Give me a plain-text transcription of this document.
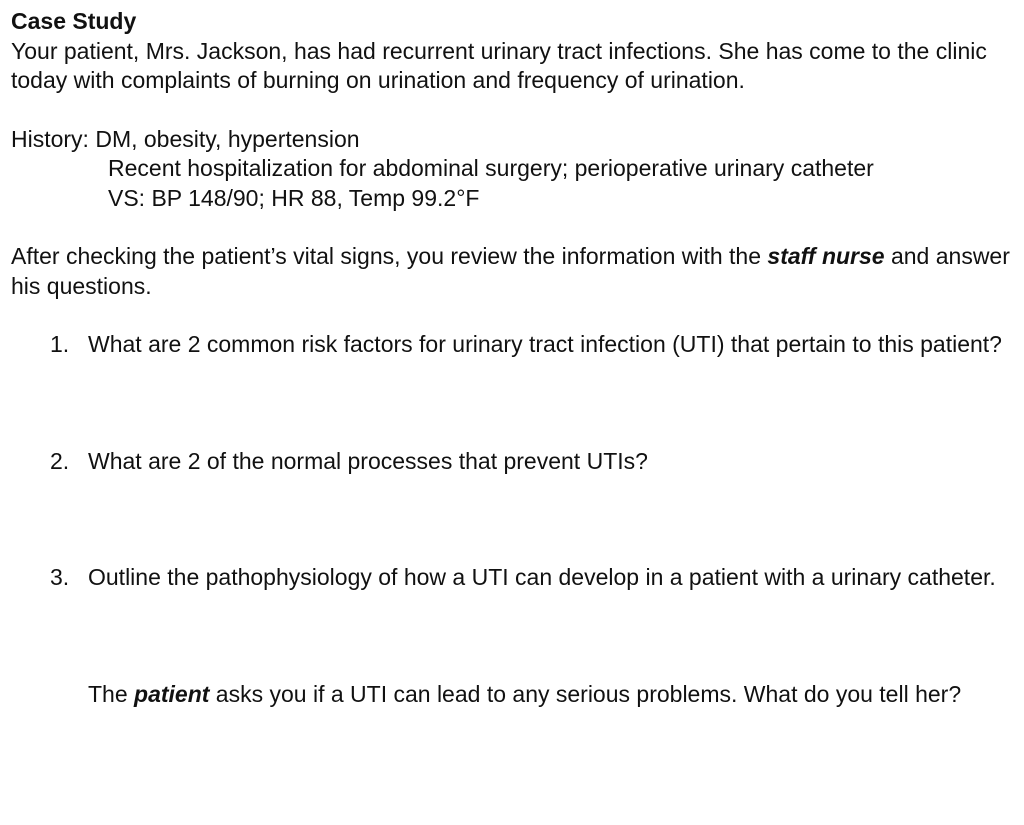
Case Study

Your patient, Mrs. Jackson, has had recurrent urinary tract infections. She has come to the clinic today with complaints of burning on urination and frequency of urination.

History: DM, obesity, hypertension

Recent hospitalization for abdominal surgery; perioperative urinary catheter

VS: BP 148/90; HR 88, Temp 99.2°F

After checking the patient’s vital signs, you review the information with the staff nurse and answer his questions.

1. What are 2 common risk factors for urinary tract infection (UTI) that pertain to this patient?
2. What are 2 of the normal processes that prevent UTIs?
3. Outline the pathophysiology of how a UTI can develop in a patient with a urinary catheter.

The patient asks you if a UTI can lead to any serious problems. What do you tell her?
